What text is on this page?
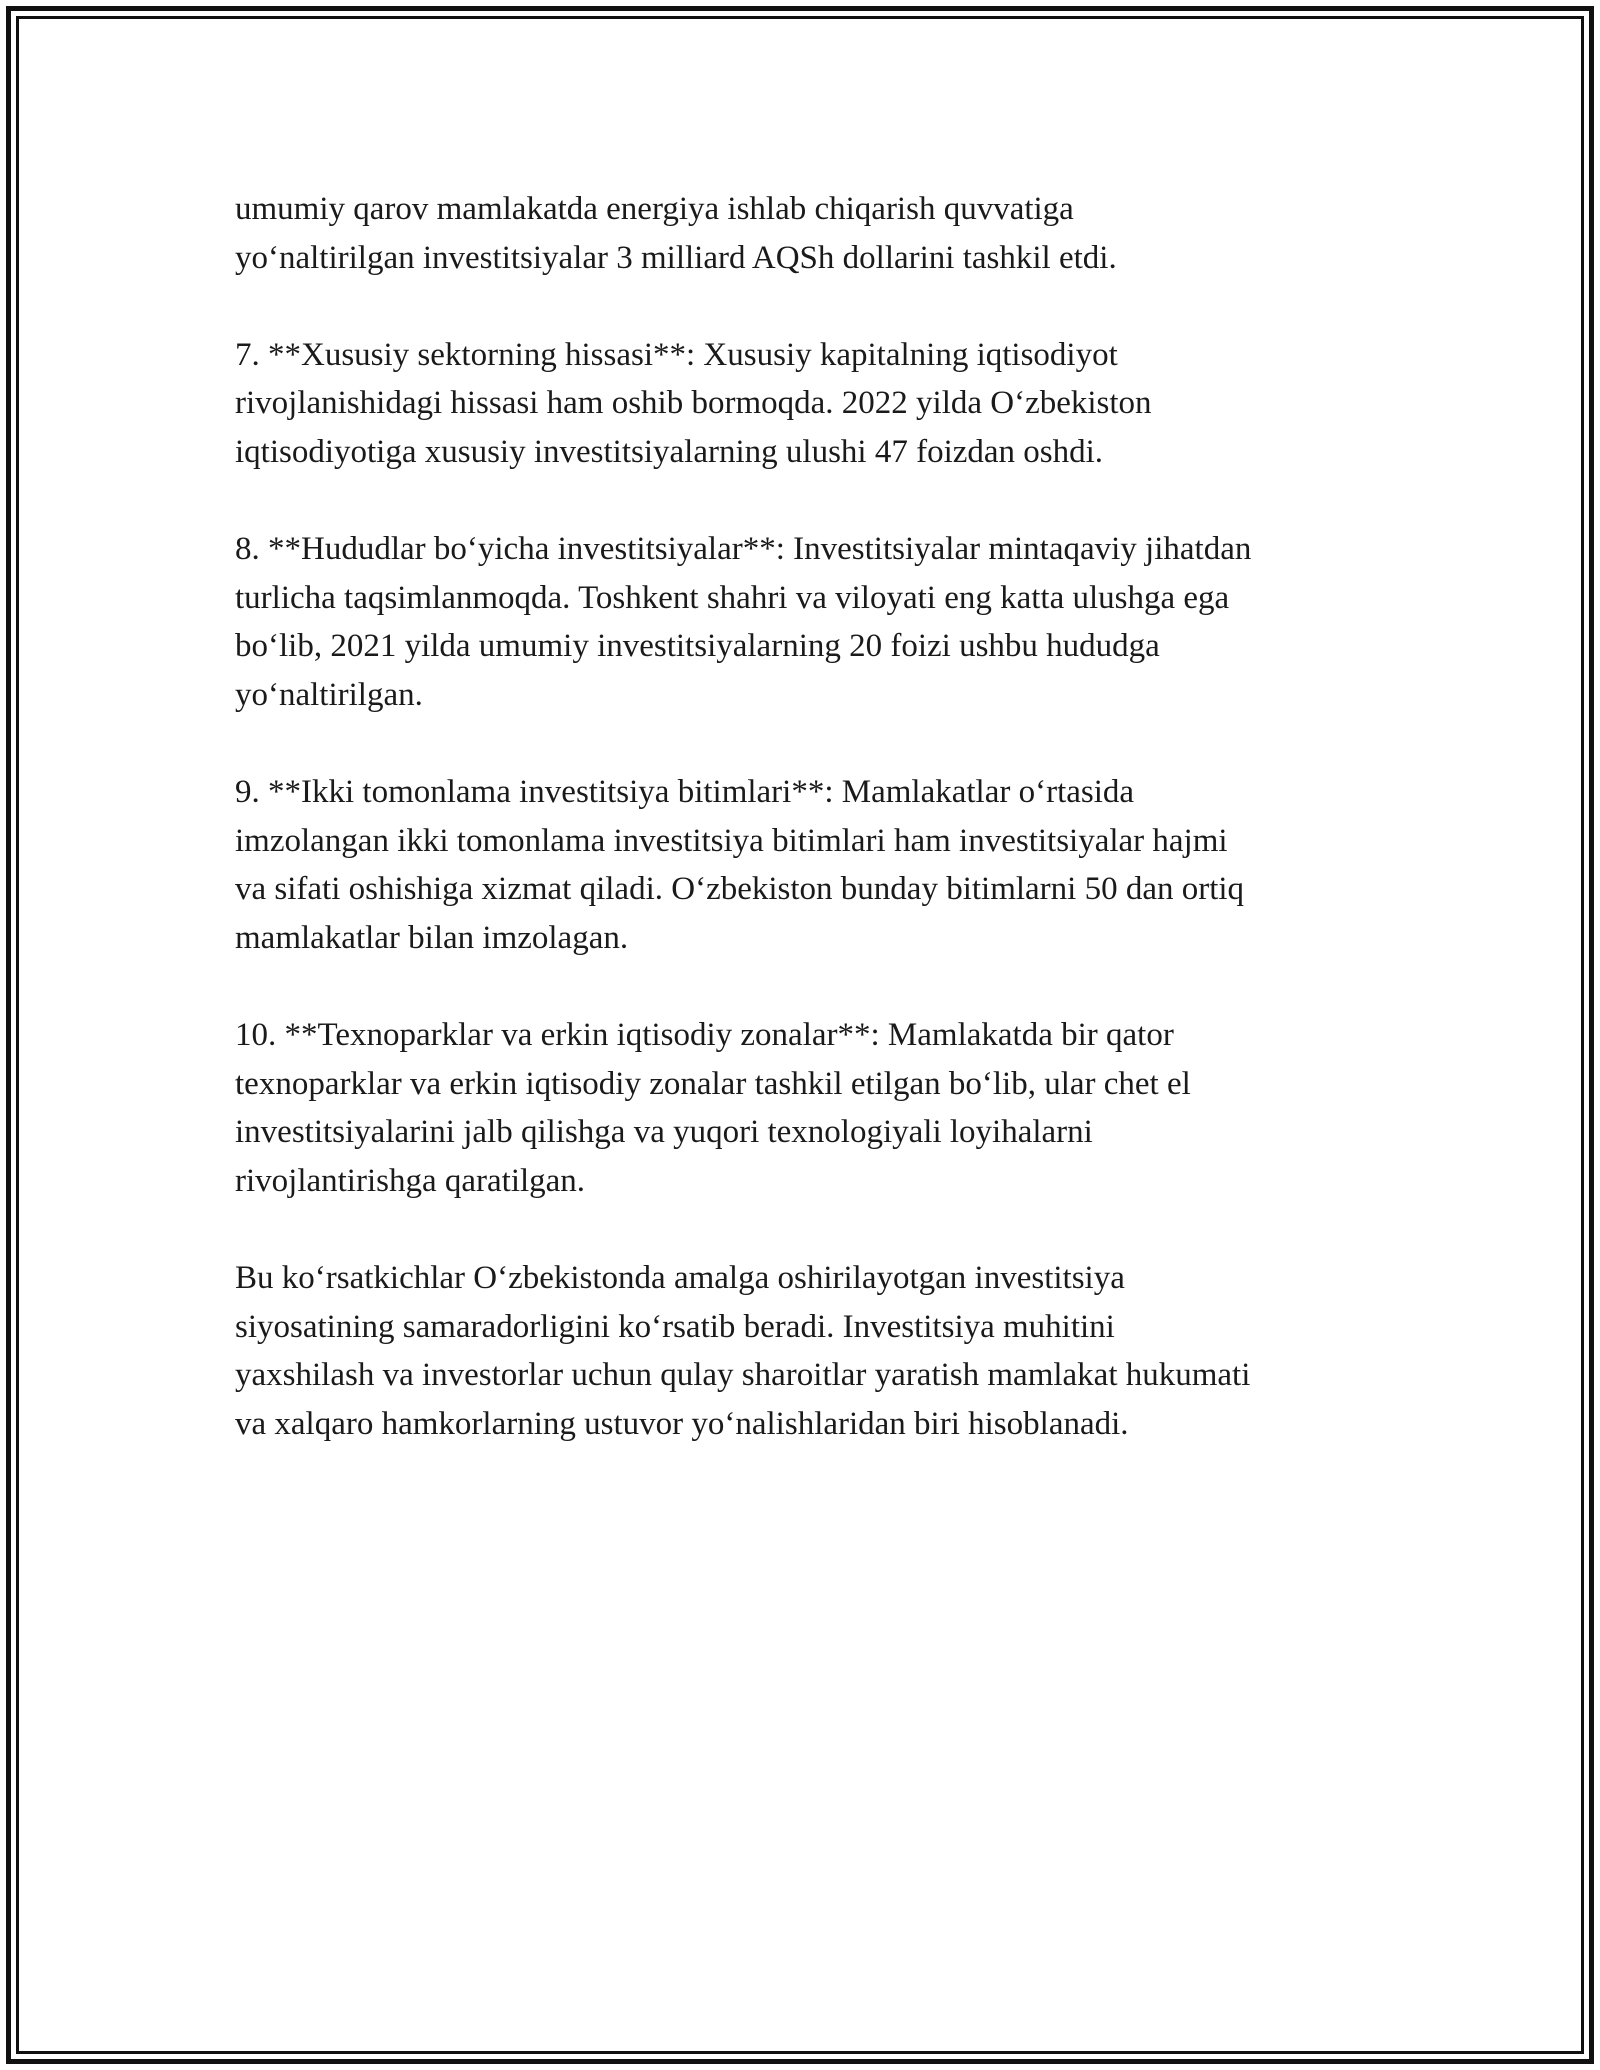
umumiy qarov mamlakatda energiya ishlab chiqarish quvvatiga
yo‘naltirilgan investitsiyalar 3 milliard AQSh dollarini tashkil etdi.

7. **Xususiy sektorning hissasi**: Xususiy kapitalning iqtisodiyot
rivojlanishidagi hissasi ham oshib bormoqda. 2022 yilda O‘zbekiston
iqtisodiyotiga xususiy investitsiyalarning ulushi 47 foizdan oshdi.

8. **Hududlar bo‘yicha investitsiyalar**: Investitsiyalar mintaqaviy jihatdan
turlicha taqsimlanmoqda. Toshkent shahri va viloyati eng katta ulushga ega
bo‘lib, 2021 yilda umumiy investitsiyalarning 20 foizi ushbu hududga
yo‘naltirilgan.

9. **Ikki tomonlama investitsiya bitimlari**: Mamlakatlar o‘rtasida
imzolangan ikki tomonlama investitsiya bitimlari ham investitsiyalar hajmi
va sifati oshishiga xizmat qiladi. O‘zbekiston bunday bitimlarni 50 dan ortiq
mamlakatlar bilan imzolagan.

10. **Texnoparklar va erkin iqtisodiy zonalar**: Mamlakatda bir qator
texnoparklar va erkin iqtisodiy zonalar tashkil etilgan bo‘lib, ular chet el
investitsiyalarini jalb qilishga va yuqori texnologiyali loyihalarni
rivojlantirishga qaratilgan.

Bu ko‘rsatkichlar O‘zbekistonda amalga oshirilayotgan investitsiya
siyosatining samaradorligini ko‘rsatib beradi. Investitsiya muhitini
yaxshilash va investorlar uchun qulay sharoitlar yaratish mamlakat hukumati
va xalqaro hamkorlarning ustuvor yo‘nalishlaridan biri hisoblanadi.
